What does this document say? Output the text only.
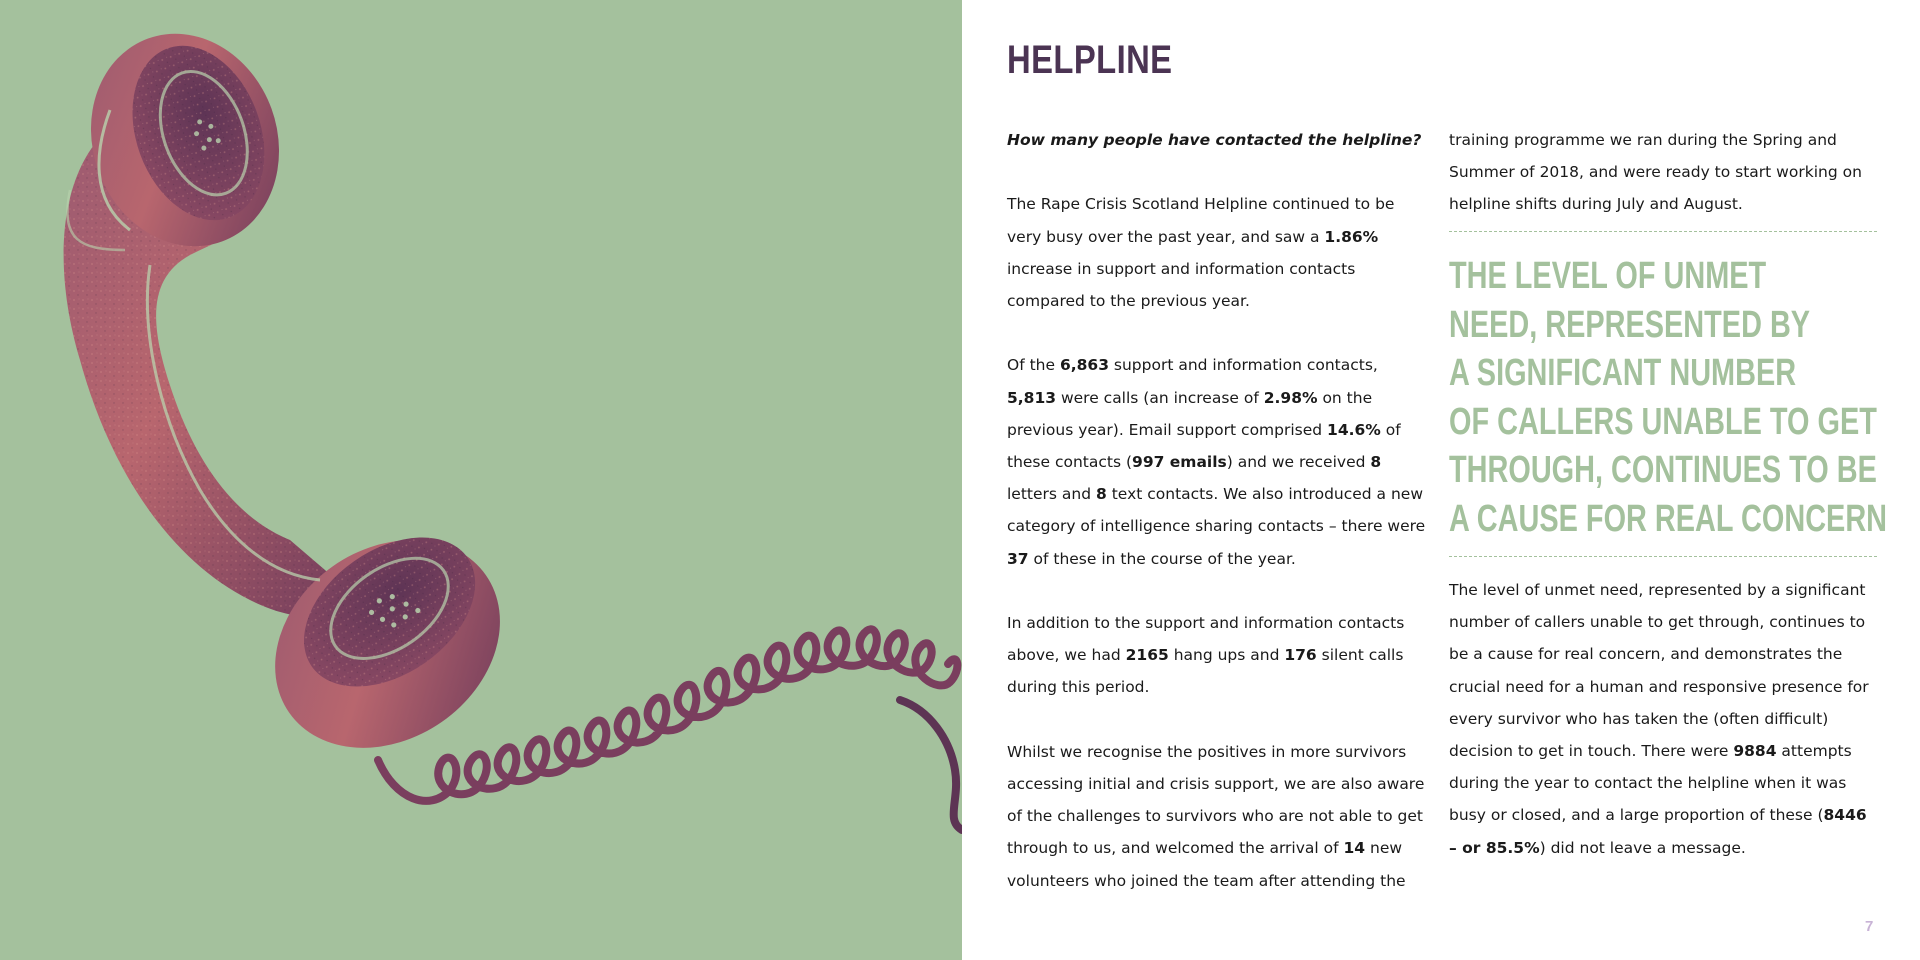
HELPLINE

How many people have contacted the helpline?

The Rape Crisis Scotland Helpline continued to be very busy over the past year, and saw a 1.86% increase in support and information contacts compared to the previous year.

Of the 6,863 support and information contacts, 5,813 were calls (an increase of 2.98% on the previous year). Email support comprised 14.6% of these contacts (997 emails) and we received 8 letters and 8 text contacts. We also introduced a new category of intelligence sharing contacts – there were 37 of these in the course of the year.

In addition to the support and information contacts above, we had 2165 hang ups and 176 silent calls during this period.

Whilst we recognise the positives in more survivors accessing initial and crisis support, we are also aware of the challenges to survivors who are not able to get through to us, and welcomed the arrival of 14 new volunteers who joined the team after attending the

training programme we ran during the Spring and Summer of 2018, and were ready to start working on helpline shifts during July and August.

THE LEVEL OF UNMET
NEED, REPRESENTED BY
A SIGNIFICANT NUMBER
OF CALLERS UNABLE TO GET
THROUGH, CONTINUES TO BE
A CAUSE FOR REAL CONCERN

The level of unmet need, represented by a significant number of callers unable to get through, continues to be a cause for real concern, and demonstrates the crucial need for a human and responsive presence for every survivor who has taken the (often difficult) decision to get in touch. There were 9884 attempts during the year to contact the helpline when it was busy or closed, and a large proportion of these (8446 – or 85.5%) did not leave a message.

7
